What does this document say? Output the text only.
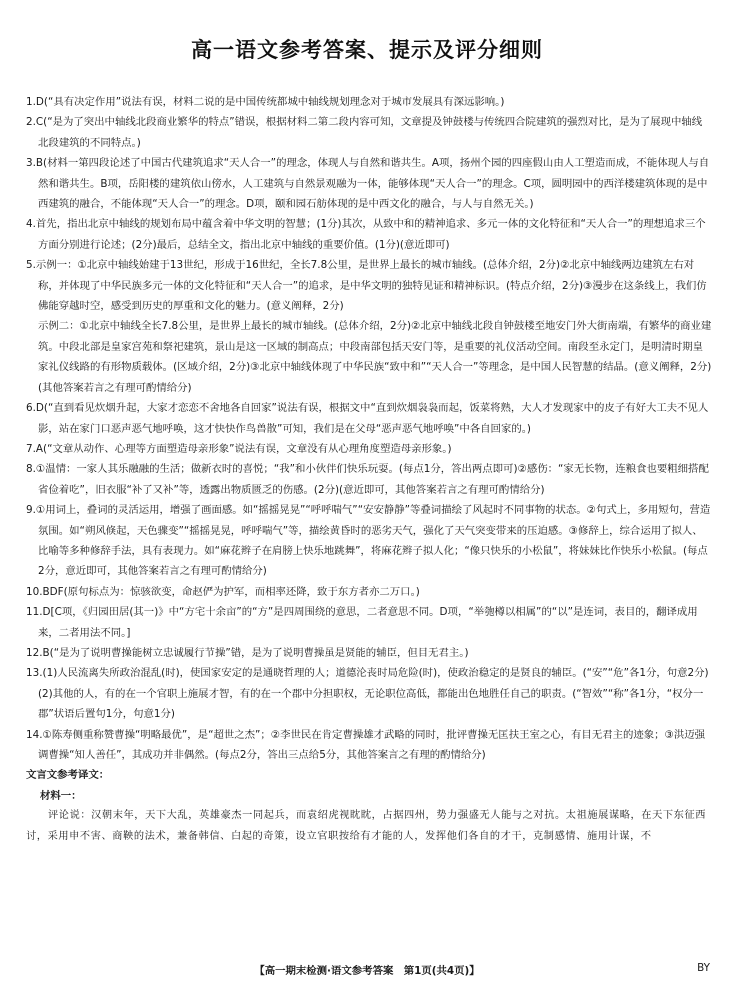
高一语文参考答案、提示及评分细则
1.D(“具有决定作用”说法有误，材料二说的是中国传统都城中轴线规划理念对于城市发展具有深远影响。)
2.C(“是为了突出中轴线北段商业繁华的特点”错误，根据材料二第二段内容可知，文章提及钟鼓楼与传统四合院建筑的强烈对比，是为了展现中轴线北段建筑的不同特点。)
3.B(材料一第四段论述了中国古代建筑追求“天人合一”的理念，体现人与自然和谐共生。A项，扬州个园的四座假山由人工塑造而成，不能体现人与自然和谐共生。B项，岳阳楼的建筑依山傍水，人工建筑与自然景观融为一体，能够体现“天人合一”的理念。C项，圆明园中的西洋楼建筑体现的是中西建筑的融合，不能体现“天人合一”的理念。D项，颐和园石舫体现的是中西文化的融合，与人与自然无关。)
4.首先，指出北京中轴线的规划布局中蕴含着中华文明的智慧；(1分)其次，从致中和的精神追求、多元一体的文化特征和“天人合一”的理想追求三个方面分别进行论述；(2分)最后，总结全文，指出北京中轴线的重要价值。(1分)(意近即可)
5.示例一：①北京中轴线始建于13世纪，形成于16世纪，全长7.8公里，是世界上最长的城市轴线。(总体介绍，2分)②北京中轴线两边建筑左右对称，并体现了中华民族多元一体的文化特征和“天人合一”的追求，是中华文明的独特见证和精神标识。(特点介绍，2分)③漫步在这条线上，我们仿佛能穿越时空，感受到历史的厚重和文化的魅力。(意义阐释，2分)
示例二：①北京中轴线全长7.8公里，是世界上最长的城市轴线。(总体介绍，2分)②北京中轴线北段自钟鼓楼至地安门外大街南端，有繁华的商业建筑。中段北部是皇家宫苑和祭祀建筑，景山是这一区域的制高点；中段南部包括天安门等，是重要的礼仪活动空间。南段至永定门，是明清时期皇家礼仪线路的有形物质载体。(区域介绍，2分)③北京中轴线体现了中华民族“致中和”“天人合一”等理念，是中国人民智慧的结晶。(意义阐释，2分)(其他答案若言之有理可酌情给分)
6.D(“直到看见炊烟升起，大家才恋恋不舍地各自回家”说法有误，根据文中“直到炊烟袅袅而起，饭菜将熟，大人才发现家中的皮子有好大工夫不见人影，站在家门口恶声恶气地呼唤，这才快快作鸟兽散”可知，我们是在父母“恶声恶气地呼唤”中各自回家的。)
7.A(“文章从动作、心理等方面塑造母亲形象”说法有误，文章没有从心理角度塑造母亲形象。)
8.①温情：一家人其乐融融的生活；做新衣时的喜悦；“我”和小伙伴们快乐玩耍。(每点1分，答出两点即可)②感伤：“家无长物，连粮食也要粗细搭配省俭着吃”，旧衣服“补了又补”等，透露出物质匮乏的伤感。(2分)(意近即可，其他答案若言之有理可酌情给分)
9.①用词上，叠词的灵活运用，增强了画面感。如“摇摇晃晃”“呼呼喘气”“安安静静”等叠词描绘了风起时不同事物的状态。②句式上，多用短句，营造氛围。如“朔风倏起，天色骤变”“摇摇晃晃，呼呼喘气”等，描绘黄昏时的恶劣天气，强化了天气突变带来的压迫感。③修辞上，综合运用了拟人、比喻等多种修辞手法，具有表现力。如“麻花辫子在肩膀上快乐地跳舞”，将麻花辫子拟人化；“像只快乐的小松鼠”，将妹妹比作快乐小松鼠。(每点2分，意近即可，其他答案若言之有理可酌情给分)
10.BDF(原句标点为：惊骇欲变，命赵俨为护军，而相率还降，致于东方者亦二万口。)
11.D[C项，《归园田居(其一)》中“方宅十余亩”的“方”是四周围绕的意思，二者意思不同。D项，“举匏樽以相属”的“以”是连词，表目的，翻译成用来，二者用法不同。]
12.B(“是为了说明曹操能树立忠诚履行节操”错，是为了说明曹操虽是贤能的辅臣，但目无君主。)
13.(1)人民流离失所政治混乱(时)，使国家安定的是通晓哲理的人；道德沦丧时局危险(时)，使政治稳定的是贤良的辅臣。(“安”“危”各1分，句意2分)
(2)其他的人，有的在一个官职上施展才智，有的在一个郡中分担职权，无论职位高低，都能出色地胜任自己的职责。(“智效”“称”各1分，“权分一郡”状语后置句1分，句意1分)
14.①陈寿侧重称赞曹操“明略最优”，是“超世之杰”；②李世民在肯定曹操雄才武略的同时，批评曹操无匡扶王室之心，有目无君主的迹象；③洪迈强调曹操“知人善任”，其成功并非偶然。(每点2分，答出三点给5分，其他答案言之有理的酌情给分)
文言文参考译文：
材料一：
评论说：汉朝末年，天下大乱，英雄豪杰一同起兵，而袁绍虎视眈眈，占据四州，势力强盛无人能与之对抗。太祖施展谋略，在天下东征西讨，采用申不害、商鞅的法术，兼备韩信、白起的奇策，设立官职按给有才能的人，发挥他们各自的才干，克制感情、施用计谋，不
【高一期末检测·语文参考答案　第1页(共4页)】	BY
